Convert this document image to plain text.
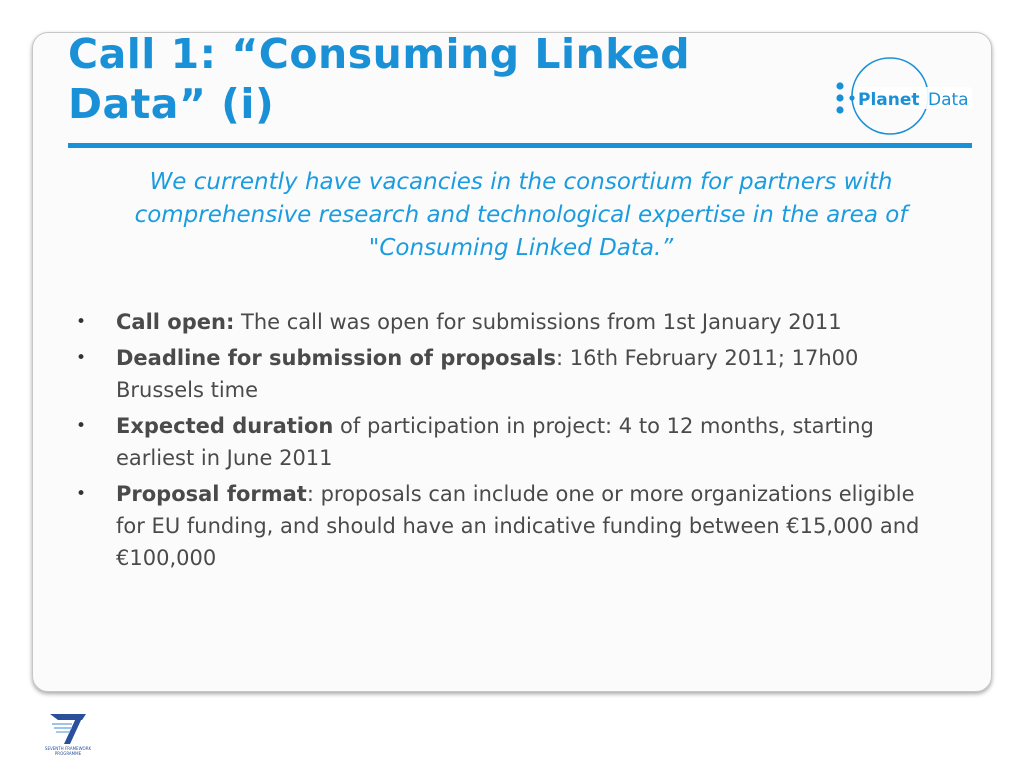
Call 1: “Consuming Linked Data” (i)	Planet Data

We currently have vacancies in the consortium for partners with comprehensive research and technological expertise in the area of "Consuming Linked Data.”

• Call open: The call was open for submissions from 1st January 2011
• Deadline for submission of proposals: 16th February 2011; 17h00 Brussels time
• Expected duration of participation in project: 4 to 12 months, starting earliest in June 2011
• Proposal format: proposals can include one or more organizations eligible for EU funding, and should have an indicative funding between €15,000 and €100,000
SEVENTH FRAMEWORK
PROGRAMME
